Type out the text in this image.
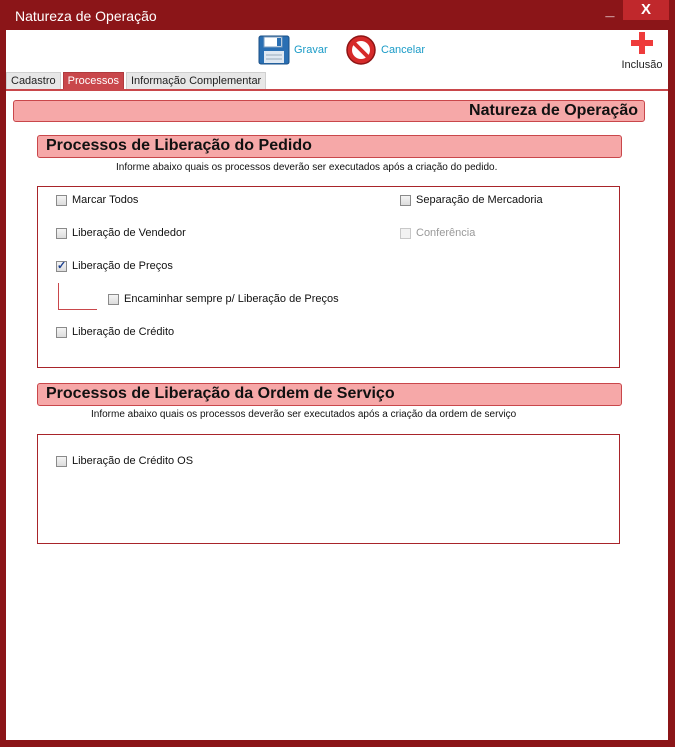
Natureza de Operação	_	X
Gravar	Cancelar
Inclusão
Cadastro	Processos	Informação Complementar
Natureza de Operação
Processos de Liberação do Pedido
Informe abaixo quais os processos deverão ser executados após a criação do pedido.
Marcar Todos	Separação de Mercadoria
Liberação de Vendedor	Conferência
✓
Liberação de Preços
Encaminhar sempre p/ Liberação de Preços
Liberação de Crédito
Processos de Liberação da Ordem de Serviço
Informe abaixo quais os processos deverão ser executados após a criação da ordem de serviço
Liberação de Crédito OS
